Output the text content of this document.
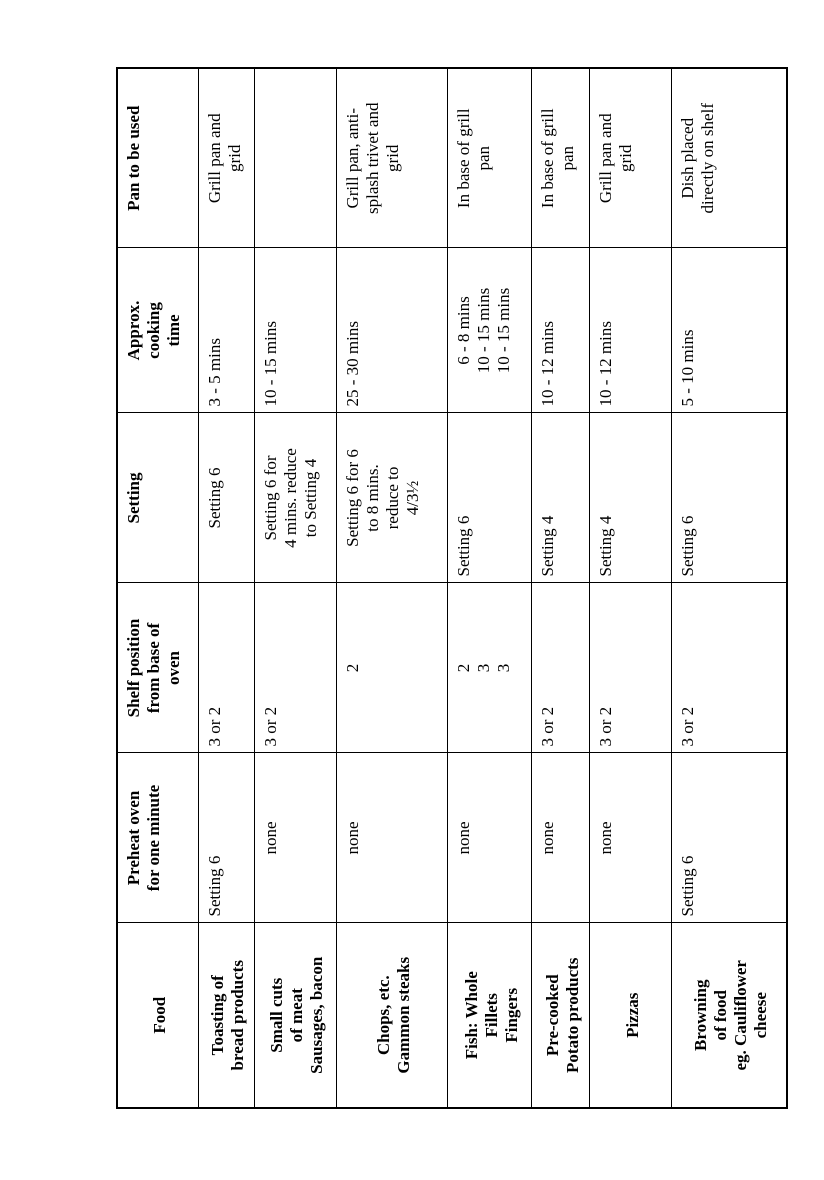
Food	Preheat oven for one minute	Shelf position from base of oven	Setting	Approx. cooking time	Pan to be used

Toasting of bread products	Setting 6	3 or 2	Setting 6	3 - 5 mins	Grill pan and grid

Small cuts of meat Sausages, bacon	none	3 or 2	Setting 6 for 4 mins. reduce to Setting 4	10 - 15 mins	

Chops, etc. Gammon steaks	none	2	Setting 6 for 6 to 8 mins. reduce to 4/3½	25 - 30 mins	Grill pan, anti- splash trivet and grid

Fish: Whole Fillets Fingers	none	2 3 3	Setting 6	6 - 8 mins 10 - 15 mins 10 - 15 mins	In base of grill pan

Pre-cooked Potato products	none	3 or 2	Setting 4	10 - 12 mins	In base of grill pan

Pizzas	none	3 or 2	Setting 4	10 - 12 mins	Grill pan and grid

Browning of food eg. Cauliflower cheese	Setting 6	3 or 2	Setting 6	5 - 10 mins	Dish placed directly on shelf
